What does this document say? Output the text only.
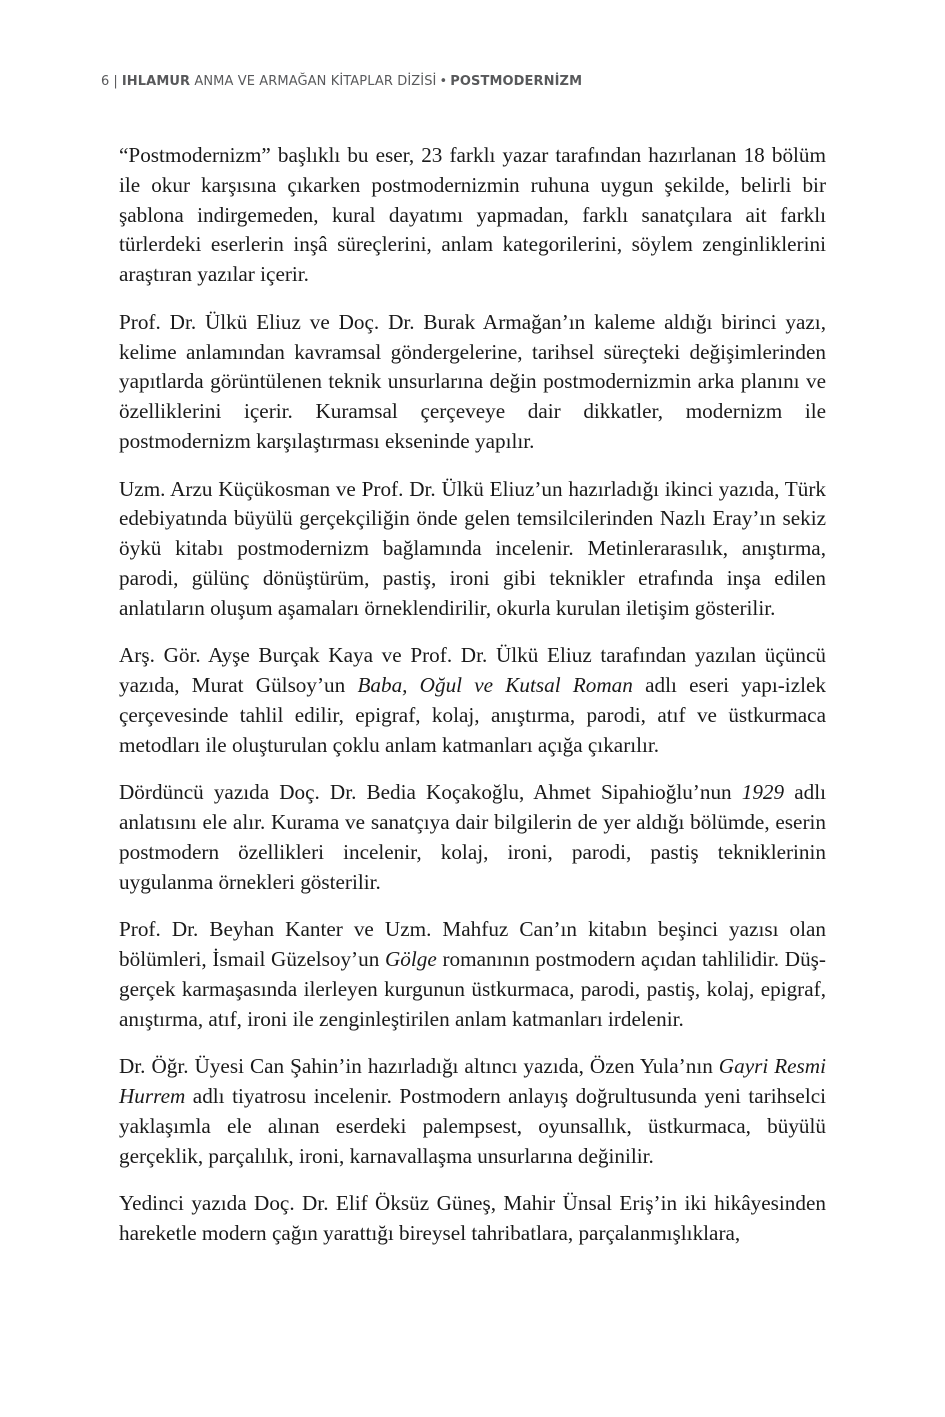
6 | IHLAMUR ANMA VE ARMAĞAN KİTAPLAR DİZİSİ • POSTMODERNİZM

“Postmodernizm” başlıklı bu eser, 23 farklı yazar tarafından hazırlanan 18 bölüm ile okur karşısına çıkarken postmodernizmin ruhuna uygun şekilde, belirli bir şablona indirgemeden, kural dayatımı yapmadan, farklı sanatçılara ait farklı türlerdeki eserlerin inşâ süreçlerini, anlam kategorilerini, söylem zenginliklerini araştıran yazılar içerir.

Prof. Dr. Ülkü Eliuz ve Doç. Dr. Burak Armağan’ın kaleme aldığı birinci yazı, kelime anlamından kavramsal göndergelerine, tarihsel süreçteki değişimlerinden yapıtlarda görüntülenen teknik unsurlarına değin postmodernizmin arka planını ve özelliklerini içerir. Kuramsal çerçeveye dair dikkatler, modernizm ile postmodernizm karşılaştırması ekseninde yapılır.

Uzm. Arzu Küçükosman ve Prof. Dr. Ülkü Eliuz’un hazırladığı ikinci yazıda, Türk edebiyatında büyülü gerçekçiliğin önde gelen temsilcilerinden Nazlı Eray’ın sekiz öykü kitabı postmodernizm bağlamında incelenir. Metinlerarasılık, anıştırma, parodi, gülünç dönüştürüm, pastiş, ironi gibi teknikler etrafında inşa edilen anlatıların oluşum aşamaları örneklendirilir, okurla kurulan iletişim gösterilir.

Arş. Gör. Ayşe Burçak Kaya ve Prof. Dr. Ülkü Eliuz tarafından yazılan üçüncü yazıda, Murat Gülsoy’un Baba, Oğul ve Kutsal Roman adlı eseri yapı-izlek çerçevesinde tahlil edilir, epigraf, kolaj, anıştırma, parodi, atıf ve üstkurmaca metodları ile oluşturulan çoklu anlam katmanları açığa çıkarılır.

Dördüncü yazıda Doç. Dr. Bedia Koçakoğlu, Ahmet Sipahioğlu’nun 1929 adlı anlatısını ele alır. Kurama ve sanatçıya dair bilgilerin de yer aldığı bölümde, eserin postmodern özellikleri incelenir, kolaj, ironi, parodi, pastiş tekniklerinin uygulanma örnekleri gösterilir.

Prof. Dr. Beyhan Kanter ve Uzm. Mahfuz Can’ın kitabın beşinci yazısı olan bölümleri, İsmail Güzelsoy’un Gölge romanının postmodern açıdan tahlilidir. Düş-gerçek karmaşasında ilerleyen kurgunun üstkurmaca, parodi, pastiş, kolaj, epigraf, anıştırma, atıf, ironi ile zenginleştirilen anlam katmanları irdelenir.

Dr. Öğr. Üyesi Can Şahin’in hazırladığı altıncı yazıda, Özen Yula’nın Gayri Resmi Hurrem adlı tiyatrosu incelenir. Postmodern anlayış doğrultusunda yeni tarihselci yaklaşımla ele alınan eserdeki palempsest, oyunsallık, üstkurmaca, büyülü gerçeklik, parçalılık, ironi, karnavallaşma unsurlarına değinilir.

Yedinci yazıda Doç. Dr. Elif Öksüz Güneş, Mahir Ünsal Eriş’in iki hikâyesinden hareketle modern çağın yarattığı bireysel tahribatlara, parçalanmışlıklara,
